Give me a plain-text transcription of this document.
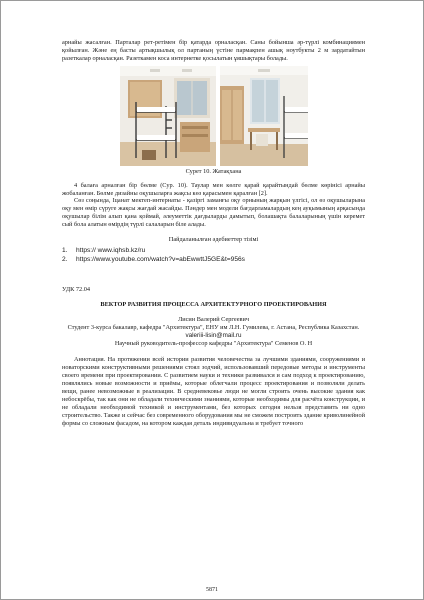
арнайы жасалған. Парталар рет-ретімен бір қатарда орналасқан. Саны бойынша әр-түрлі комбинациямен қойылған. Және ең басты артықшылық ол партаның үстіне пармақпен ашық ноутбукты 2 м зардатайтын разеткалар орналасқан. Разеткамен коса интернетке қосылатын ұяшықтары болады.

Сурет 10. Жатақхана

4 балаға арналған бір бөлме (Сур. 10). Таулар мен көлге қарай қарайтындай бөлме көрінісі арнайы жобаланған. Бөлме дизайны оқушыларға жақсы көз қарасымен қаралған [2].

Сөз соңында, Іцанат мектеп-интернаты - қазіргі заманғы оқу орнының жарқын үлгісі, ол өз оқушыларына оқу мен өмір сүруге жақсы жағдай жасайды. Пәндер мен модели бағдарламалардың кең ауқымының арқасында оқушылар білім алып қана қоймай, әлеуметтік дағдыларды дамытып, болашақта балаларының үшін керемет сый бола алатын өмірдің түрлі салаларын біле алады.

Пайдаланылған әдебиеттер тізімі

1. https:// www.iqhsb.kz/ru
2. https://www.youtube.com/watch?v=abEwwttJ5GE&t=956s

УДК 72.04

ВЕКТОР РАЗВИТИЯ ПРОЦЕССА АРХИТЕКТУРНОГО ПРОЕКТИРОВАНИЯ

Лисин Валерий Сергеевич

Студент 3-курса бакалавр, кафедра "Архитектура", ЕНУ им Л.Н. Гумилева, г. Астана, Республика Казахстан.

valeriii-lisin@mail.ru

Научный руководитель-профессор кафедры "Архитектура" Семенов О. Н

Аннотация. На протяжении всей истории развития человечества за лучшими зданиями, сооружениями и новаторскими конструктивными решениями стоял зодчий, использовавший передовые методы и инструменты своего времени при проектировании. С развитием науки и техники развивался и сам подход к проектированию, появлялись новые возможности и приёмы, которые облегчали процесс проектирования и позволяли делать вещи, ранее невозможные в реализации. В средневековье люди не могли строить очень высокие здания как небоскрёбы, так как они не обладали техническими знаниями, которые необходимы для расчёта конструкции, и не обладали необходимой техникой и инструментами, без которых сегодня нельзя представить ни одно строительство. Также и сейчас без современного оборудования мы не сможем построить здание криволинейной формы со сложным фасадом, на котором каждая деталь индивидуальна и требует точного

5871
